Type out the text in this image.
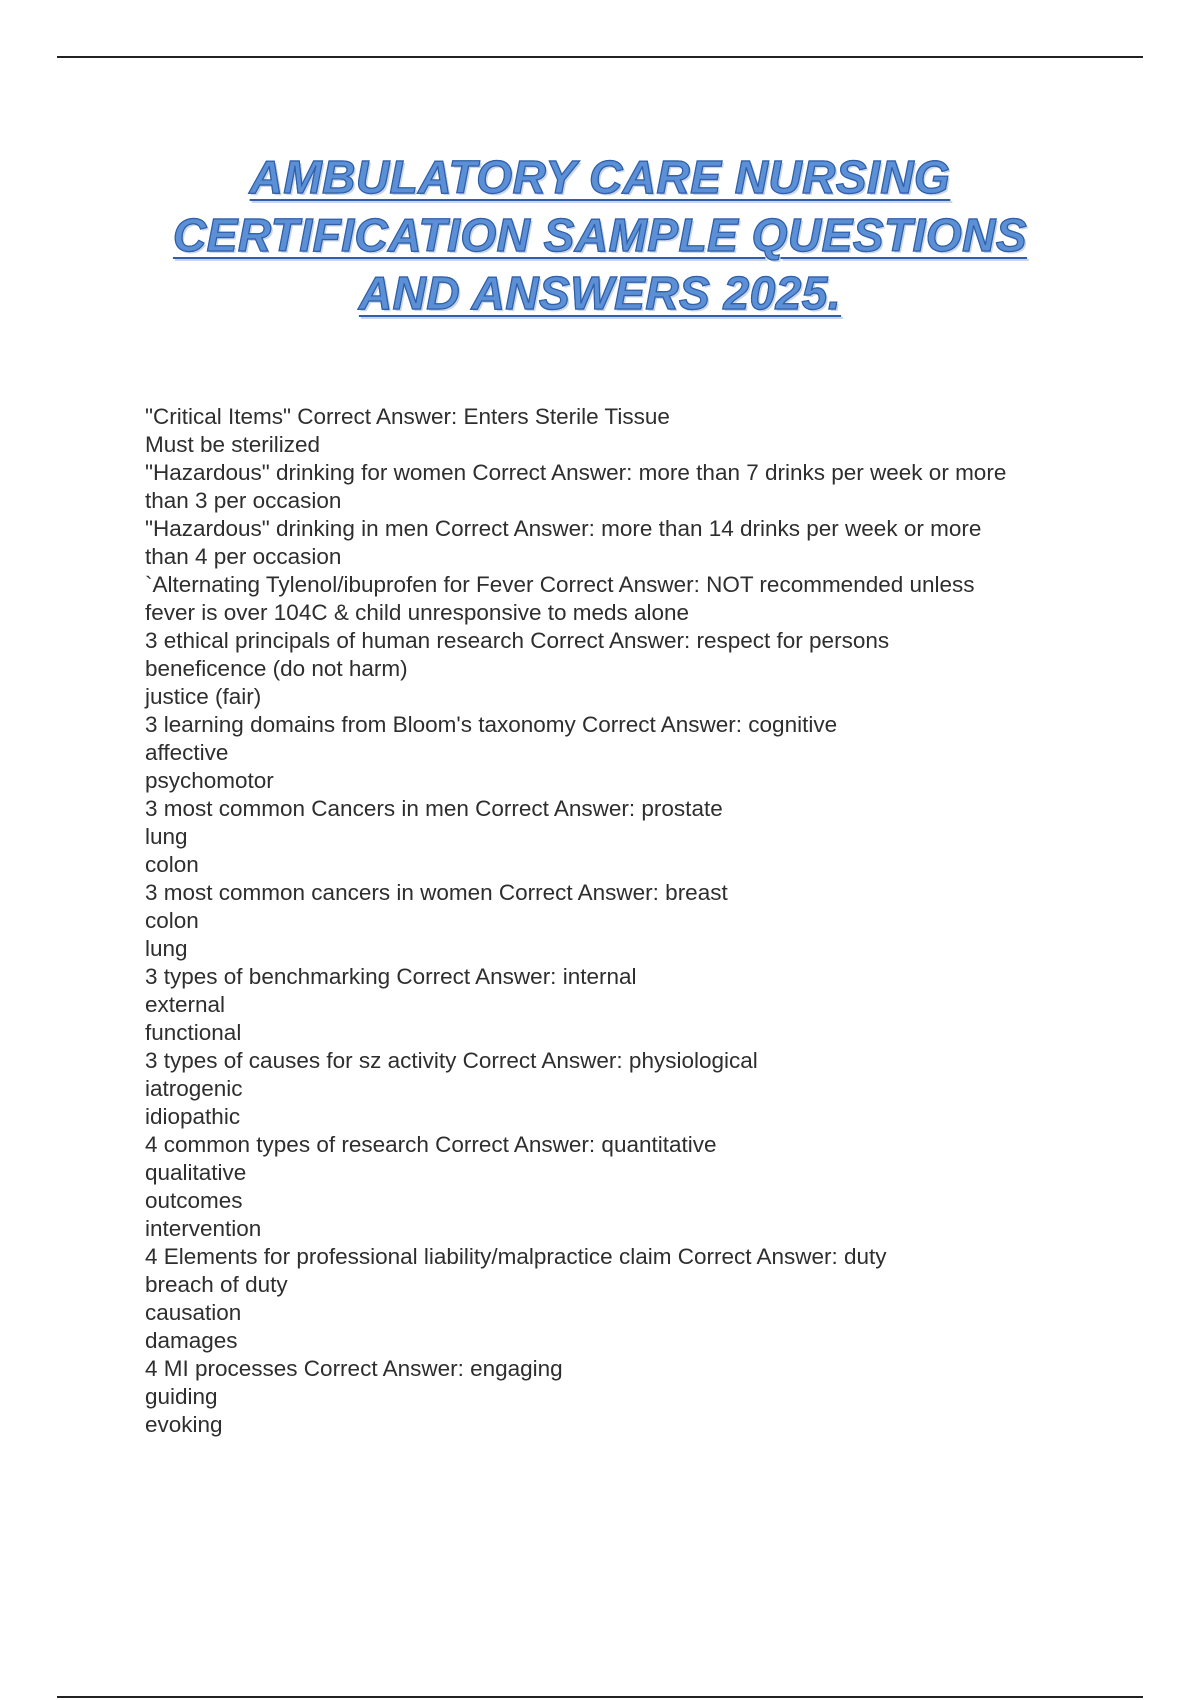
AMBULATORY CARE NURSING
CERTIFICATION SAMPLE QUESTIONS
AND ANSWERS 2025.
"Critical Items" Correct Answer: Enters Sterile Tissue
Must be sterilized
"Hazardous" drinking for women Correct Answer: more than 7 drinks per week or more
than 3 per occasion
"Hazardous" drinking in men Correct Answer: more than 14 drinks per week or more
than 4 per occasion
`Alternating Tylenol/ibuprofen for Fever Correct Answer: NOT recommended unless
fever is over 104C & child unresponsive to meds alone
3 ethical principals of human research Correct Answer: respect for persons
beneficence (do not harm)
justice (fair)
3 learning domains from Bloom's taxonomy Correct Answer: cognitive
affective
psychomotor
3 most common Cancers in men Correct Answer: prostate
lung
colon
3 most common cancers in women Correct Answer: breast
colon
lung
3 types of benchmarking Correct Answer: internal
external
functional
3 types of causes for sz activity Correct Answer: physiological
iatrogenic
idiopathic
4 common types of research Correct Answer: quantitative
qualitative
outcomes
intervention
4 Elements for professional liability/malpractice claim Correct Answer: duty
breach of duty
causation
damages
4 MI processes Correct Answer: engaging
guiding
evoking
